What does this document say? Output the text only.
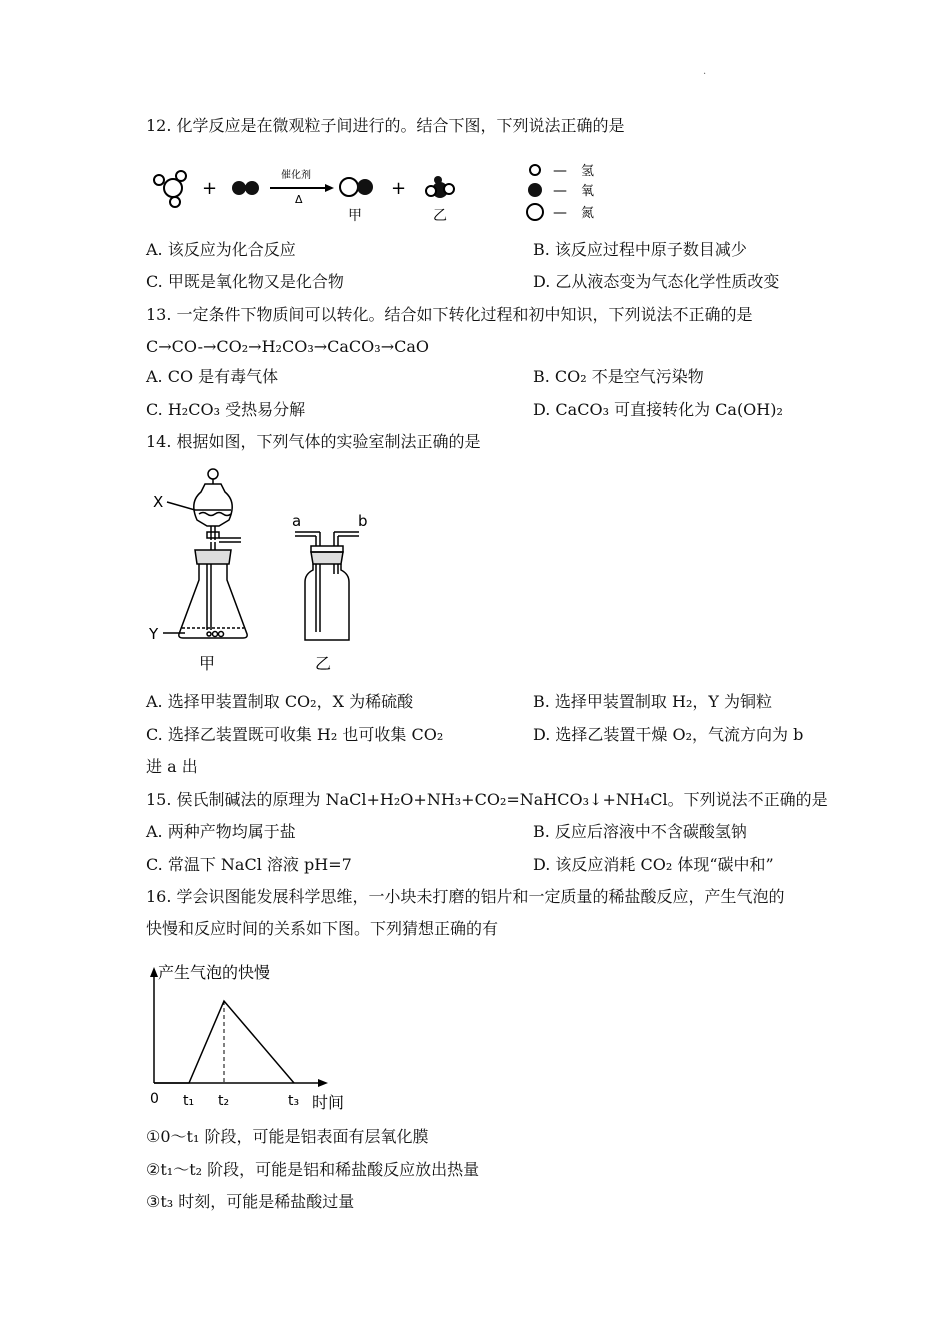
.
12. 化学反应是在微观粒子间进行的。结合下图，下列说法正确的是
+
催化剂
Δ
甲
+
乙
— 氢
— 氧
— 氮
A. 该反应为化合反应	B. 该反应过程中原子数目减少
C. 甲既是氧化物又是化合物	D. 乙从液态变为气态化学性质改变
13. 一定条件下物质间可以转化。结合如下转化过程和初中知识，下列说法不正确的是
C→CO-→CO₂→H₂CO₃→CaCO₃→CaO
A. CO 是有毒气体	B. CO₂ 不是空气污染物
C. H₂CO₃ 受热易分解	D. CaCO₃ 可直接转化为 Ca(OH)₂
14. 根据如图，下列气体的实验室制法正确的是
X
Y
甲
a	b
乙
A. 选择甲装置制取 CO₂，X 为稀硫酸	B. 选择甲装置制取 H₂，Y 为铜粒
C. 选择乙装置既可收集 H₂ 也可收集 CO₂	D. 选择乙装置干燥 O₂，气流方向为 b
进 a 出
15. 侯氏制碱法的原理为 NaCl+H₂O+NH₃+CO₂=NaHCO₃↓+NH₄Cl。下列说法不正确的是
A. 两种产物均属于盐	B. 反应后溶液中不含碳酸氢钠
C. 常温下 NaCl 溶液 pH=7	D. 该反应消耗 CO₂ 体现“碳中和”
16. 学会识图能发展科学思维，一小块未打磨的铝片和一定质量的稀盐酸反应，产生气泡的
快慢和反应时间的关系如下图。下列猜想正确的有
产生气泡的快慢
时间
0 t₁ t₂	t₃
①0～t₁ 阶段，可能是铝表面有层氧化膜
②t₁～t₂ 阶段，可能是铝和稀盐酸反应放出热量
③t₃ 时刻，可能是稀盐酸过量
